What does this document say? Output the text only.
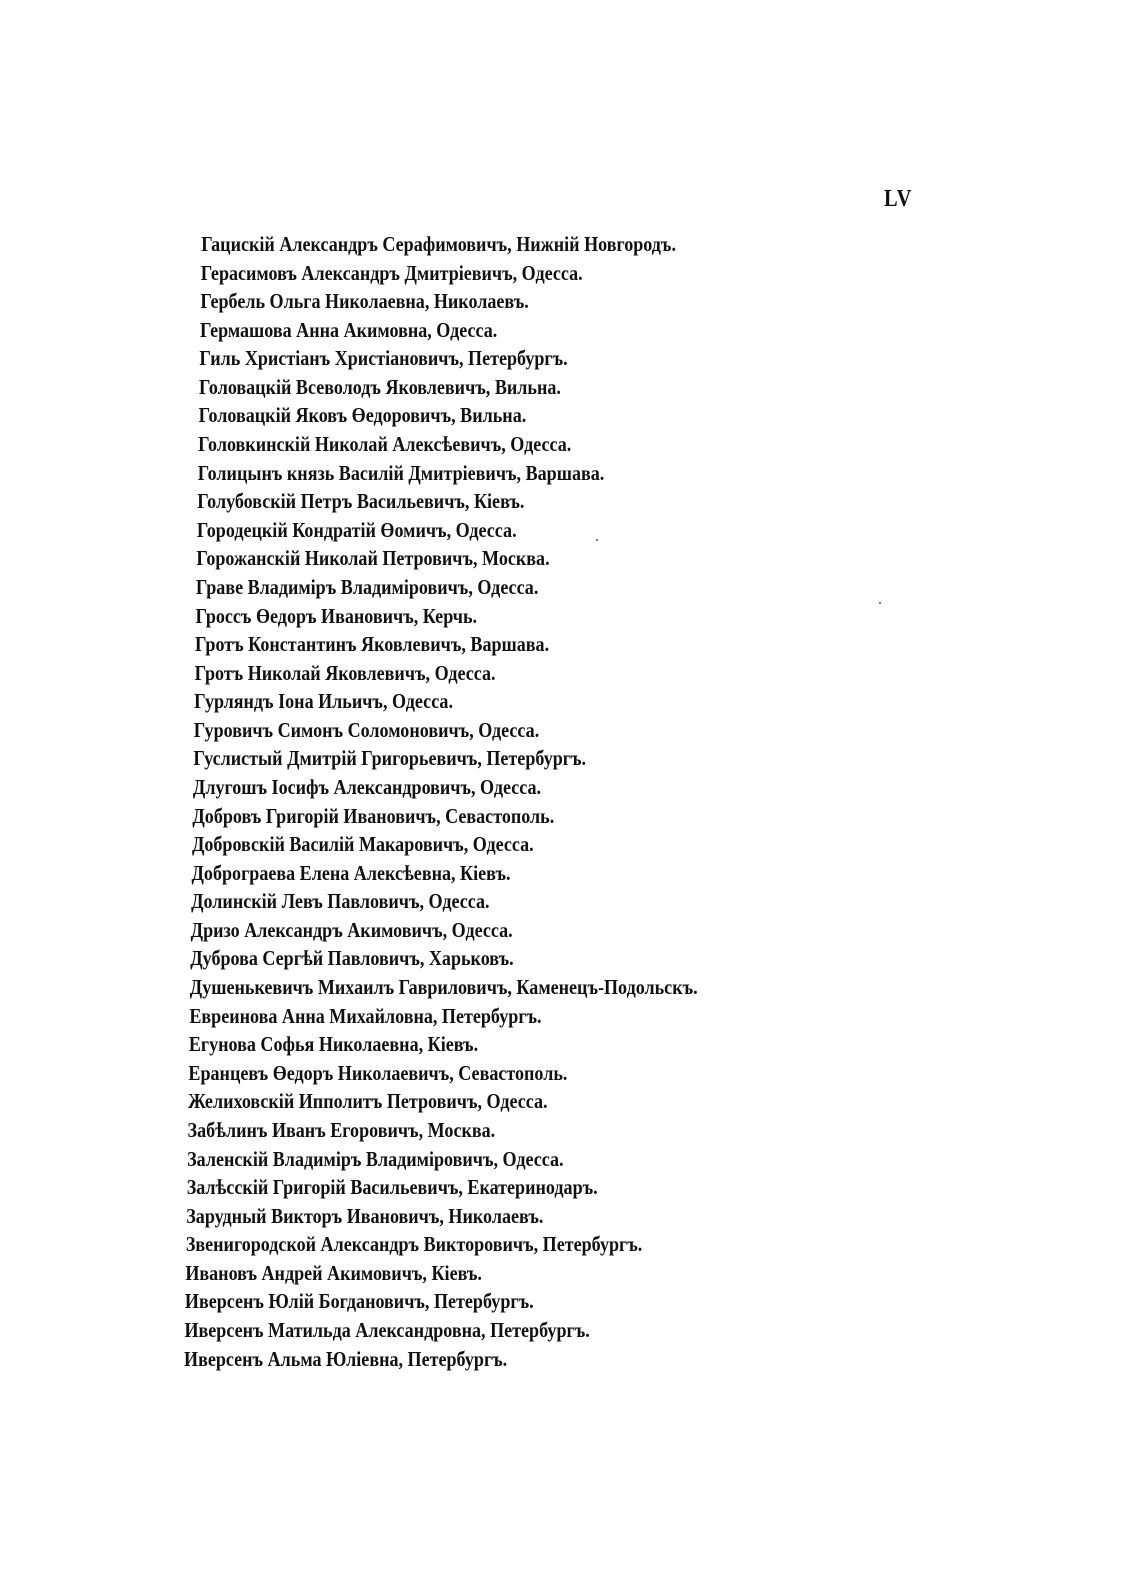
LV
Гацискій Александръ Серафимовичъ, Нижній Новгородъ.
Герасимовъ Александръ Дмитріевичъ, Одесса.
Гербель Ольга Николаевна, Николаевъ.
Гермашова Анна Акимовна, Одесса.
Гиль Христіанъ Христіановичъ, Петербургъ.
Головацкій Всеволодъ Яковлевичъ, Вильна.
Головацкій Яковъ Өедоровичъ, Вильна.
Головкинскій Николай Алексѣевичъ, Одесса.
Голицынъ князь Василій Дмитріевичъ, Варшава.
Голубовскій Петръ Васильевичъ, Кіевъ.
Городецкій Кондратій Өомичъ, Одесса.
Горожанскій Николай Петровичъ, Москва.
Граве Владиміръ Владиміровичъ, Одесса.
Гроссъ Өедоръ Ивановичъ, Керчь.
Гротъ Константинъ Яковлевичъ, Варшава.
Гротъ Николай Яковлевичъ, Одесса.
Гурляндъ Іона Ильичъ, Одесса.
Гуровичъ Симонъ Соломоновичъ, Одесса.
Гуслистый Дмитрій Григорьевичъ, Петербургъ.
Длугошъ Іосифъ Александровичъ, Одесса.
Добровъ Григорій Ивановичъ, Севастополь.
Добровскій Василій Макаровичъ, Одесса.
Доброграева Елена Алексѣевна, Кіевъ.
Долинскій Левъ Павловичъ, Одесса.
Дризо Александръ Акимовичъ, Одесса.
Дуброва Сергѣй Павловичъ, Харьковъ.
Душенькевичъ Михаилъ Гавриловичъ, Каменецъ-Подольскъ.
Евреинова Анна Михайловна, Петербургъ.
Егунова Софья Николаевна, Кіевъ.
Еранцевъ Өедоръ Николаевичъ, Севастополь.
Желиховскій Ипполитъ Петровичъ, Одесса.
Забѣлинъ Иванъ Егоровичъ, Москва.
Заленскій Владиміръ Владиміровичъ, Одесса.
Залѣсскій Григорій Васильевичъ, Екатеринодаръ.
Зарудный Викторъ Ивановичъ, Николаевъ.
Звенигородской Александръ Викторовичъ, Петербургъ.
Ивановъ Андрей Акимовичъ, Кіевъ.
Иверсенъ Юлій Богдановичъ, Петербургъ.
Иверсенъ Матильда Александровна, Петербургъ.
Иверсенъ Альма Юліевна, Петербургъ.
